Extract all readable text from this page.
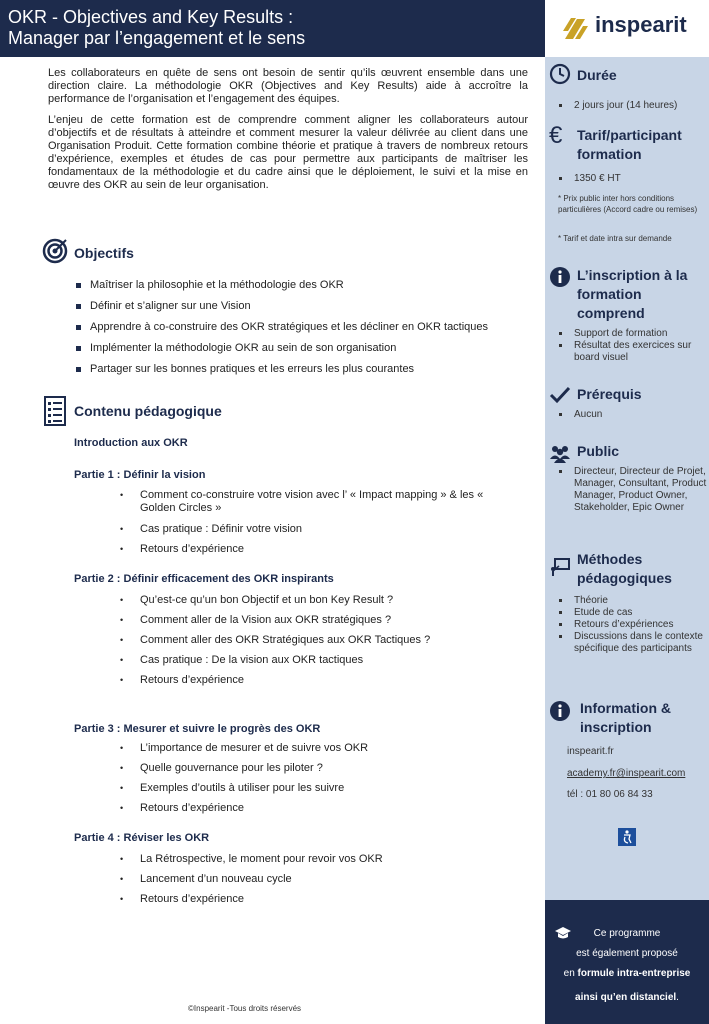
OKR - Objectives and Key Results :
Manager par l’engagement et le sens
inspearit

Les collaborateurs en quête de sens ont besoin de sentir qu’ils œuvrent ensemble dans une direction claire. La méthodologie OKR (Objectives and Key Results) aide à accroître la performance de l’organisation et l’engagement des équipes.

L’enjeu de cette formation est de comprendre comment aligner les collaborateurs autour d’objectifs et de résultats à atteindre et comment mesurer la valeur délivrée au client dans une Organisation Produit. Cette formation combine théorie et pratique à travers de nombreux retours d’expérience, exemples et études de cas pour permettre aux participants de maîtriser les fondamentaux de la méthodologie et du cadre ainsi que le déploiement, le suivi et la mise en œuvre des OKR au sein de leur organisation.

Objectifs
Maîtriser la philosophie et la méthodologie des OKR
Définir et s’aligner sur une Vision
Apprendre à co-construire des OKR stratégiques et les décliner en OKR tactiques
Implémenter la méthodologie OKR au sein de son organisation
Partager sur les bonnes pratiques et les erreurs les plus courantes
Contenu pédagogique
Introduction aux OKR
Partie 1 : Définir la vision
• Comment co-construire votre vision avec l’ « Impact mapping » & les « Golden Circles »
• Cas pratique : Définir votre vision
• Retours d’expérience
Partie 2 : Définir efficacement des OKR inspirants
• Qu’est-ce qu’un bon Objectif et un bon Key Result ?
• Comment aller de la Vision aux OKR stratégiques ?
• Comment aller des OKR Stratégiques aux OKR Tactiques ?
• Cas pratique : De la vision aux OKR tactiques
• Retours d’expérience
Partie 3 : Mesurer et suivre le progrès des OKR
• L’importance de mesurer et de suivre vos OKR
• Quelle gouvernance pour les piloter ?
• Exemples d’outils à utiliser pour les suivre
• Retours d’expérience
Partie 4 : Réviser les OKR
• La Rétrospective, le moment pour revoir vos OKR
• Lancement d’un nouveau cycle
• Retours d’expérience
©Inspearit -Tous droits réservés
Durée
2 jours jour (14 heures)
€	Tarif/participant
formation
1350 € HT
* Prix public inter hors conditions particulières (Accord cadre ou remises)
* Tarif et date intra sur demande
L’inscription à la
formation
comprend
Support de formation
Résultat des exercices sur board visuel
Prérequis
Aucun
Public
Directeur, Directeur de Projet, Manager, Consultant, Product Manager, Product Owner, Stakeholder, Epic Owner
Méthodes
pédagogiques
Théorie
Etude de cas
Retours d’expériences
Discussions dans le contexte spécifique des participants
Information &
inscription
inspearit.fr
academy.fr@inspearit.com
tél : 01 80 06 84 33
Ce programme
est également proposé
en formule intra-entreprise
ainsi qu’en distanciel.
